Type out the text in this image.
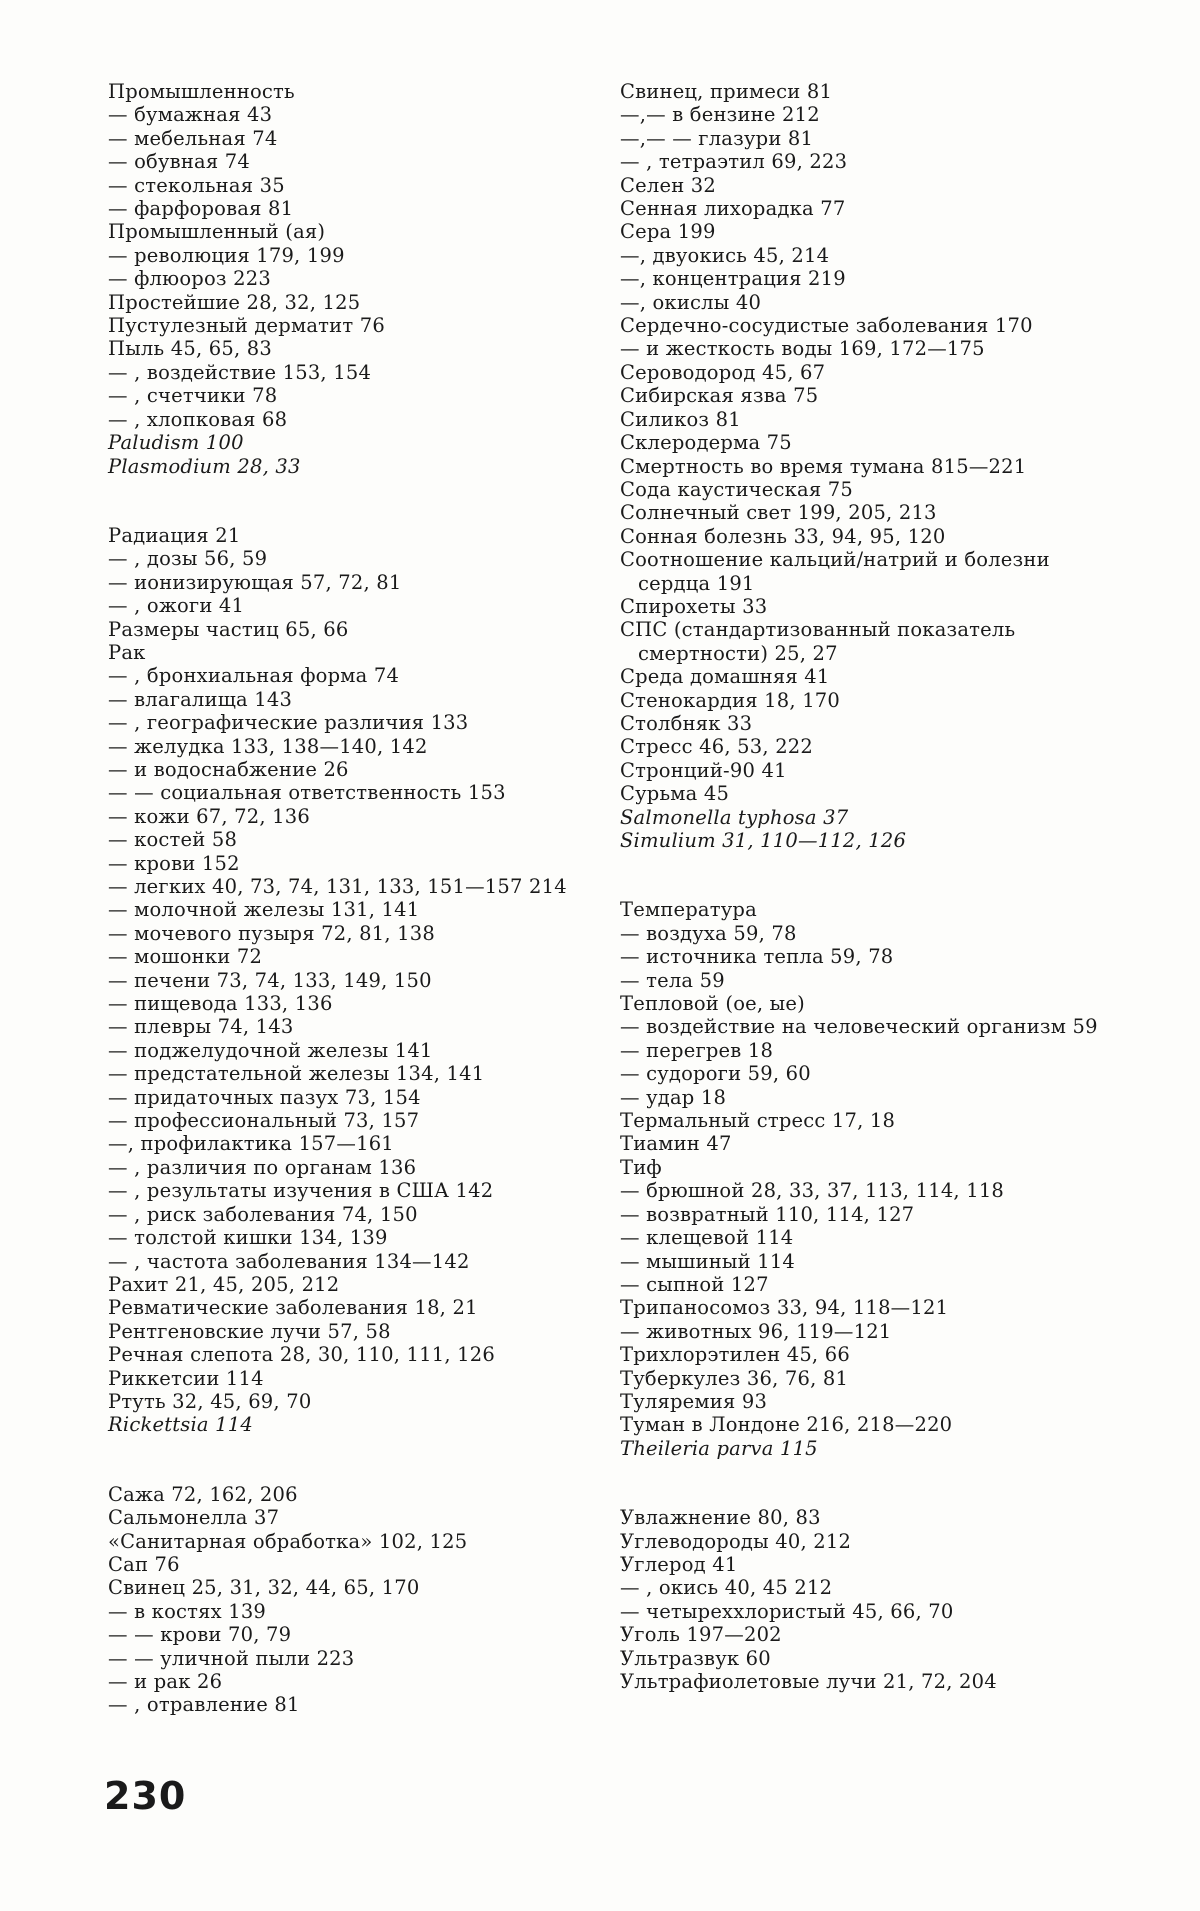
Промышленность
— бумажная 43
— мебельная 74
— обувная 74
— стекольная 35
— фарфоровая 81
Промышленный (ая)
— революция 179, 199
— флюороз 223
Простейшие 28, 32, 125
Пустулезный дерматит 76
Пыль 45, 65, 83
— , воздействие 153, 154
— , счетчики 78
— , хлопковая 68
Paludism 100
Plasmodium 28, 33
Радиация 21
— , дозы 56, 59
— ионизирующая 57, 72, 81
— , ожоги 41
Размеры частиц 65, 66
Рак
— , бронхиальная форма 74
— влагалища 143
— , географические различия 133
— желудка 133, 138—140, 142
— и водоснабжение 26
— — социальная ответственность 153
— кожи 67, 72, 136
— костей 58
— крови 152
— легких 40, 73, 74, 131, 133, 151—157 214
— молочной железы 131, 141
— мочевого пузыря 72, 81, 138
— мошонки 72
— печени 73, 74, 133, 149, 150
— пищевода 133, 136
— плевры 74, 143
— поджелудочной железы 141
— предстательной железы 134, 141
— придаточных пазух 73, 154
— профессиональный 73, 157
—, профилактика 157—161
— , различия по органам 136
— , результаты изучения в США 142
— , риск заболевания 74, 150
— толстой кишки 134, 139
— , частота заболевания 134—142
Рахит 21, 45, 205, 212
Ревматические заболевания 18, 21
Рентгеновские лучи 57, 58
Речная слепота 28, 30, 110, 111, 126
Риккетсии 114
Ртуть 32, 45, 69, 70
Rickettsia 114
Сажа 72, 162, 206
Сальмонелла 37
«Санитарная обработка» 102, 125
Сап 76
Свинец 25, 31, 32, 44, 65, 170
— в костях 139
— — крови 70, 79
— — уличной пыли 223
— и рак 26
— , отравление 81
Свинец, примеси 81
—,— в бензине 212
—,— — глазури 81
— , тетраэтил 69, 223
Селен 32
Сенная лихорадка 77
Сера 199
—, двуокись 45, 214
—, концентрация 219
—, окислы 40
Сердечно-сосудистые заболевания 170
— и жесткость воды 169, 172—175
Сероводород 45, 67
Сибирская язва 75
Силикоз 81
Склеродерма 75
Смертность во время тумана 815—221
Сода каустическая 75
Солнечный свет 199, 205, 213
Сонная болезнь 33, 94, 95, 120
Соотношение кальций/натрий и болезни сердца 191
Спирохеты 33
СПС (стандартизованный показатель смертности) 25, 27
Среда домашняя 41
Стенокардия 18, 170
Столбняк 33
Стресс 46, 53, 222
Стронций-90 41
Сурьма 45
Salmonella typhosa 37
Simulium 31, 110—112, 126
Температура
— воздуха 59, 78
— источника тепла 59, 78
— тела 59
Тепловой (ое, ые)
— воздействие на человеческий организм 59
— перегрев 18
— судороги 59, 60
— удар 18
Термальный стресс 17, 18
Тиамин 47
Тиф
— брюшной 28, 33, 37, 113, 114, 118
— возвратный 110, 114, 127
— клещевой 114
— мышиный 114
— сыпной 127
Трипаносомоз 33, 94, 118—121
— животных 96, 119—121
Трихлорэтилен 45, 66
Туберкулез 36, 76, 81
Туляремия 93
Туман в Лондоне 216, 218—220
Theileria parva 115
Увлажнение 80, 83
Углеводороды 40, 212
Углерод 41
— , окись 40, 45 212
— четыреххлористый 45, 66, 70
Уголь 197—202
Ультразвук 60
Ультрафиолетовые лучи 21, 72, 204
230
